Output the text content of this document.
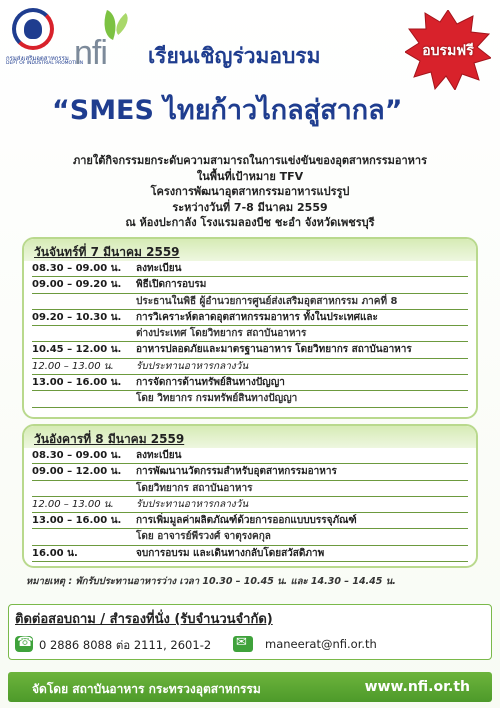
กรมส่งเสริมอุตสาหกรรม
DEPT OF INDUSTRIAL PROMOTION
nfi เรียนเชิญร่วมอบรม
“SMES ไทยก้าวไกลสู่สากล”
อบรมฟรี
ภายใต้กิจกรรมยกระดับความสามารถในการแข่งขันของอุตสาหกรรมอาหาร
ในพื้นที่เป้าหมาย TFV
โครงการพัฒนาอุตสาหกรรมอาหารแปรรูป
ระหว่างวันที่ 7-8 มีนาคม 2559
ณ ห้องปะกาลัง โรงแรมลองบีช ชะอำ จังหวัดเพชรบุรี
วันจันทร์ที่ 7 มีนาคม 2559
08.30 – 09.00 น.	ลงทะเบียน
09.00 – 09.20 น.	พิธีเปิดการอบรม
ประธานในพิธี ผู้อำนวยการศูนย์ส่งเสริมอุตสาหกรรม ภาคที่ 8
09.20 – 10.30 น.	การวิเคราะห์ตลาดอุตสาหกรรมอาหาร ทั้งในประเทศและ
ต่างประเทศ โดยวิทยากร สถาบันอาหาร
10.45 – 12.00 น.	อาหารปลอดภัยและมาตรฐานอาหาร โดยวิทยากร สถาบันอาหาร
12.00 – 13.00 น.	รับประทานอาหารกลางวัน
13.00 – 16.00 น.	การจัดการด้านทรัพย์สินทางปัญญา
โดย วิทยากร กรมทรัพย์สินทางปัญญา
วันอังคารที่ 8 มีนาคม 2559
08.30 – 09.00 น.	ลงทะเบียน
09.00 – 12.00 น.	การพัฒนานวัตกรรมสำหรับอุตสาหกรรมอาหาร
โดยวิทยากร สถาบันอาหาร
12.00 – 13.00 น.	รับประทานอาหารกลางวัน
13.00 – 16.00 น.	การเพิ่มมูลค่าผลิตภัณฑ์ด้วยการออกแบบบรรจุภัณฑ์
โดย อาจารย์พีรวงศ์ จาตุรงคกุล
16.00 น.	จบการอบรม และเดินทางกลับโดยสวัสดิภาพ
หมายเหตุ : พักรับประทานอาหารว่าง เวลา 10.30 – 10.45 น. และ 14.30 – 14.45 น.
ติดต่อสอบถาม / สำรองที่นั่ง (รับจำนวนจำกัด)
☎
0 2886 8088 ต่อ 2111, 2601-2
✉	maneerat@nfi.or.th
จัดโดย สถาบันอาหาร กระทรวงอุตสาหกรรม	www.nfi.or.th
